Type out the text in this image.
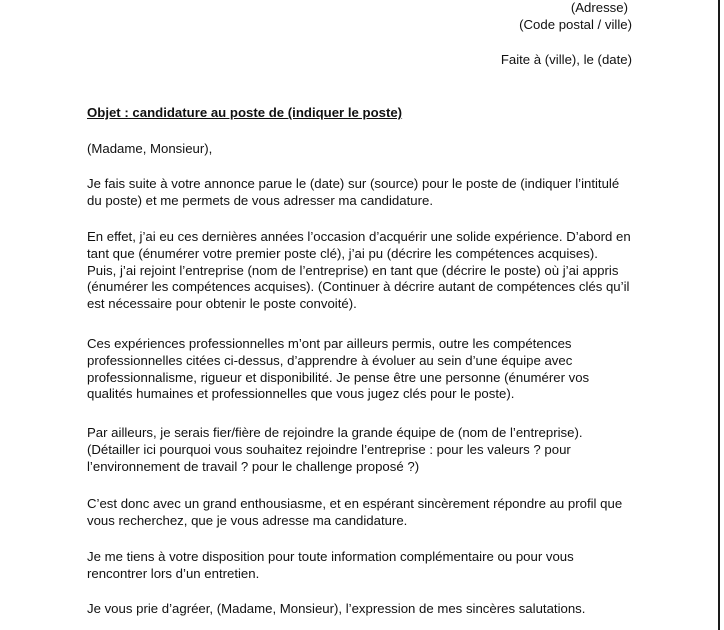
(Adresse)
(Code postal / ville)
Faite à (ville), le (date)
Objet : candidature au poste de (indiquer le poste)

(Madame, Monsieur),

Je fais suite à votre annonce parue le (date) sur (source) pour le poste de (indiquer l’intitulé
du poste) et me permets de vous adresser ma candidature.

En effet, j’ai eu ces dernières années l’occasion d’acquérir une solide expérience. D’abord en
tant que (énumérer votre premier poste clé), j’ai pu (décrire les compétences acquises).
Puis, j’ai rejoint l’entreprise (nom de l’entreprise) en tant que (décrire le poste) où j’ai appris
(énumérer les compétences acquises). (Continuer à décrire autant de compétences clés qu’il
est nécessaire pour obtenir le poste convoité).

Ces expériences professionnelles m’ont par ailleurs permis, outre les compétences
professionnelles citées ci-dessus, d’apprendre à évoluer au sein d’une équipe avec
professionnalisme, rigueur et disponibilité. Je pense être une personne (énumérer vos
qualités humaines et professionnelles que vous jugez clés pour le poste).

Par ailleurs, je serais fier/fière de rejoindre la grande équipe de (nom de l’entreprise).
(Détailler ici pourquoi vous souhaitez rejoindre l’entreprise : pour les valeurs ? pour
l’environnement de travail ? pour le challenge proposé ?)

C’est donc avec un grand enthousiasme, et en espérant sincèrement répondre au profil que
vous recherchez, que je vous adresse ma candidature.

Je me tiens à votre disposition pour toute information complémentaire ou pour vous
rencontrer lors d’un entretien.

Je vous prie d’agréer, (Madame, Monsieur), l’expression de mes sincères salutations.
